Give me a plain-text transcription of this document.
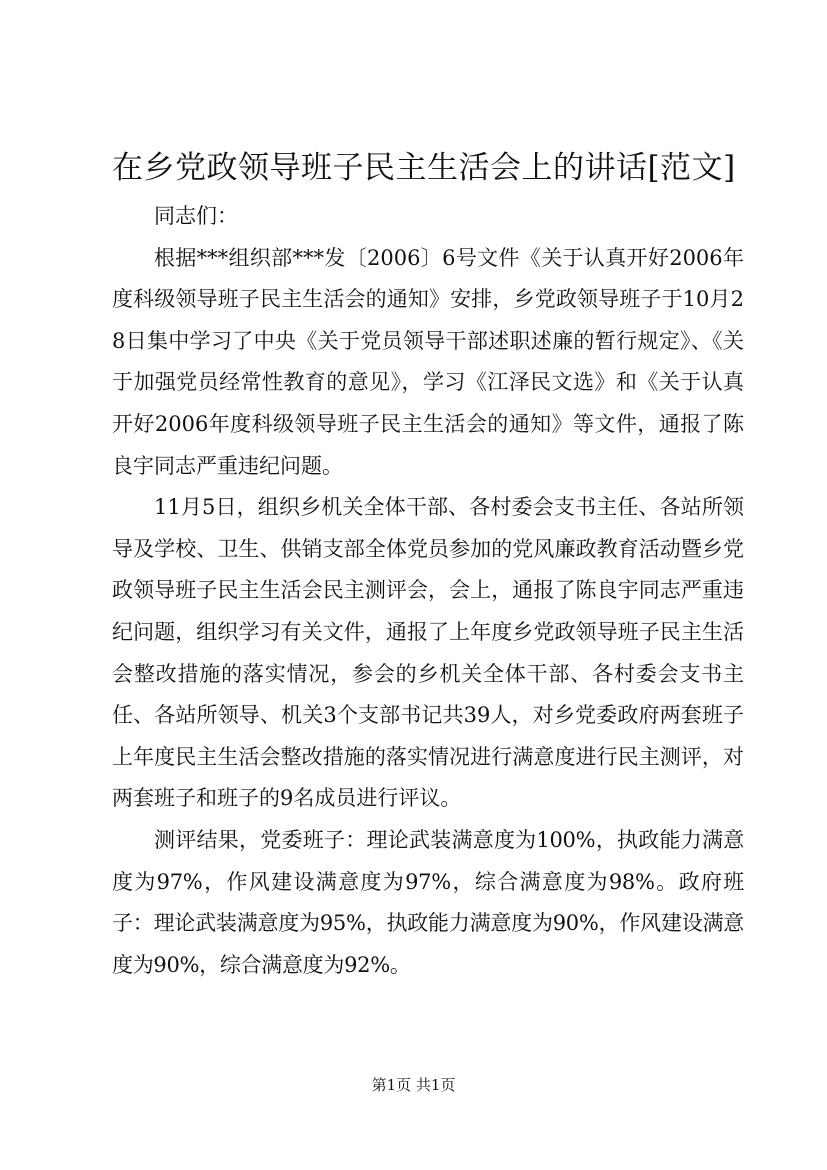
在乡党政领导班子民主生活会上的讲话[范文]

同志们：

根据***组织部***发〔2006〕6号文件《关于认真开好2006年度科级领导班子民主生活会的通知》安排，乡党政领导班子于10月28日集中学习了中央《关于党员领导干部述职述廉的暂行规定》、《关于加强党员经常性教育的意见》，学习《江泽民文选》和《关于认真开好2006年度科级领导班子民主生活会的通知》等文件，通报了陈良宇同志严重违纪问题。

11月5日，组织乡机关全体干部、各村委会支书主任、各站所领导及学校、卫生、供销支部全体党员参加的党风廉政教育活动暨乡党政领导班子民主生活会民主测评会，会上，通报了陈良宇同志严重违纪问题，组织学习有关文件，通报了上年度乡党政领导班子民主生活会整改措施的落实情况，参会的乡机关全体干部、各村委会支书主任、各站所领导、机关3个支部书记共39人，对乡党委政府两套班子上年度民主生活会整改措施的落实情况进行满意度进行民主测评，对两套班子和班子的9名成员进行评议。

测评结果，党委班子：理论武装满意度为100%，执政能力满意度为97%，作风建设满意度为97%，综合满意度为98%。政府班子：理论武装满意度为95%，执政能力满意度为90%，作风建设满意度为90%，综合满意度为92%。

第1页 共1页
